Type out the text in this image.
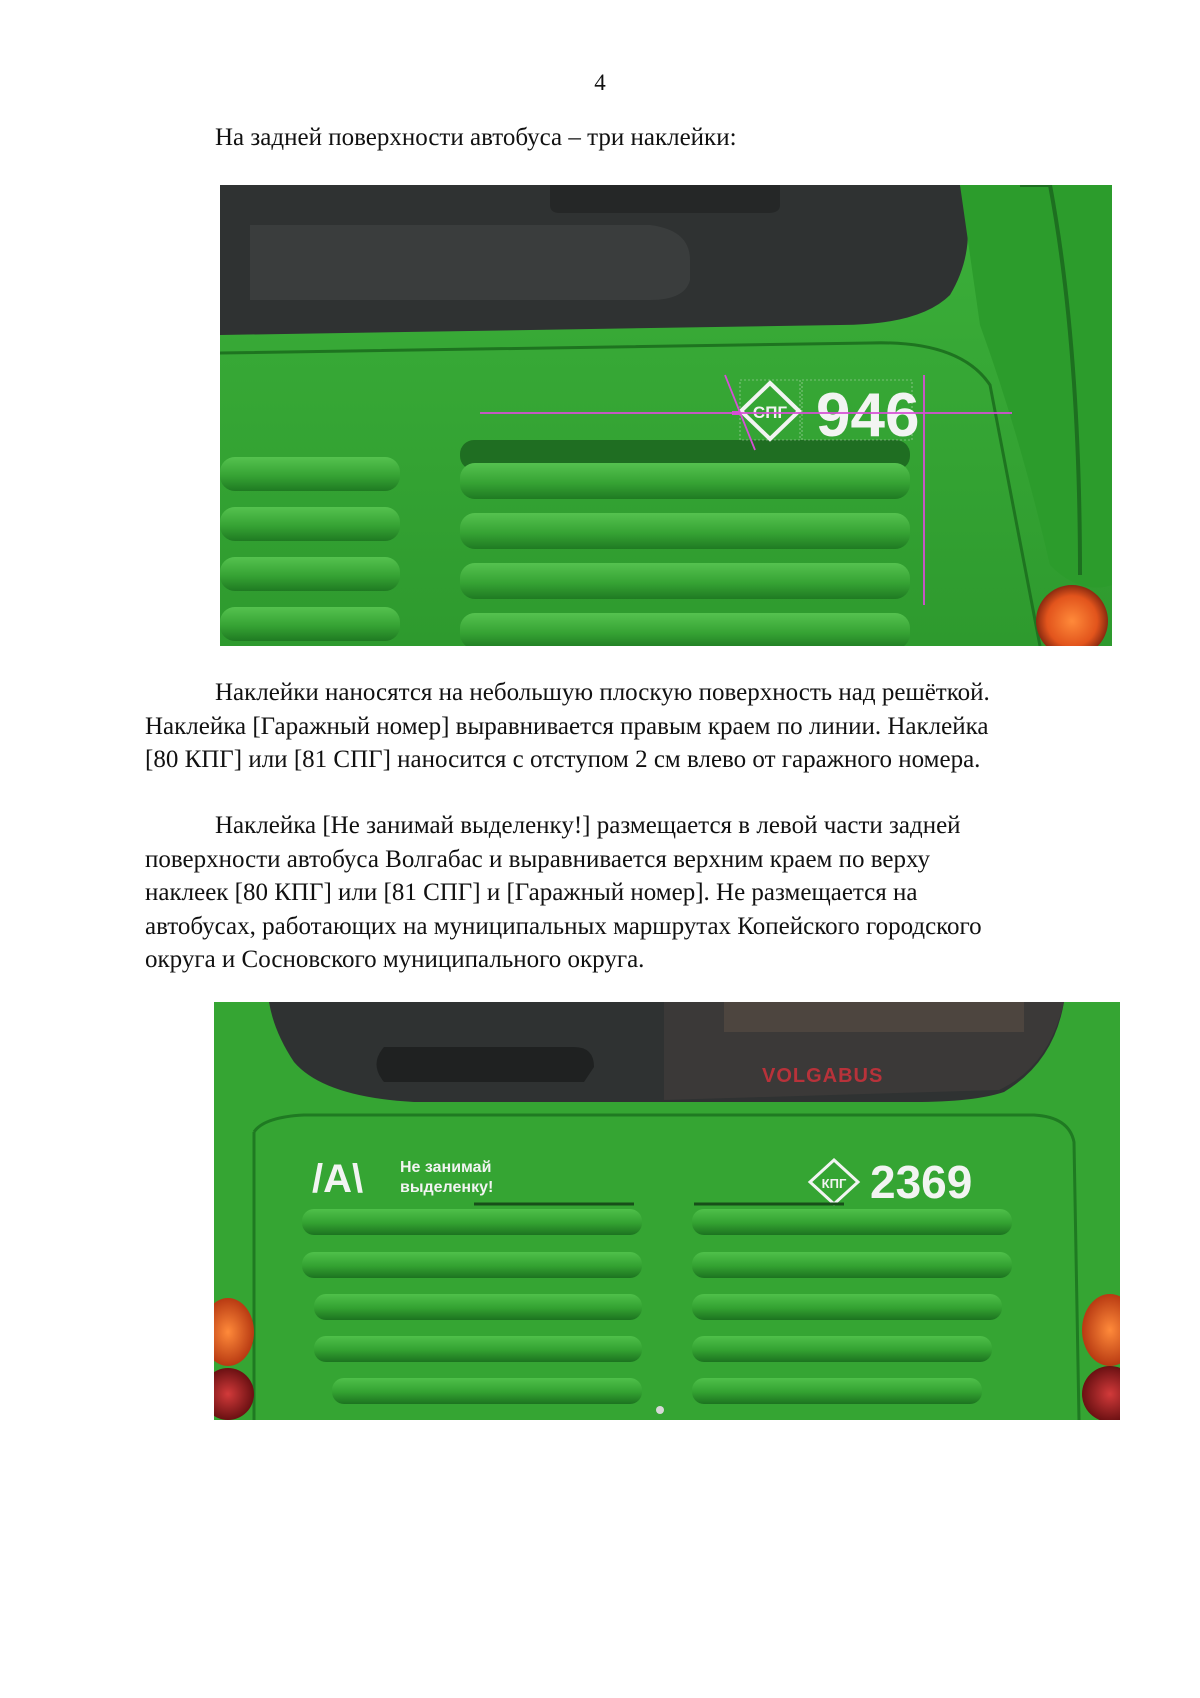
4
На задней поверхности автобуса – три наклейки:
СПГ 946
Наклейки наносятся на небольшую плоскую поверхность над решёткой.
Наклейка [Гаражный номер] выравнивается правым краем по линии. Наклейка
[80 КПГ] или [81 СПГ] наносится с отступом 2 см влево от гаражного номера.
Наклейка [Не занимай выделенку!] размещается в левой части задней
поверхности автобуса Волгабас и выравнивается верхним краем по верху
наклеек [80 КПГ] или [81 СПГ] и [Гаражный номер]. Не размещается на
автобусах, работающих на муниципальных маршрутах Копейского городского
округа и Сосновского муниципального округа.
VOLGABUS
/A\ Не занимай
выделенку!	КПГ 2369
